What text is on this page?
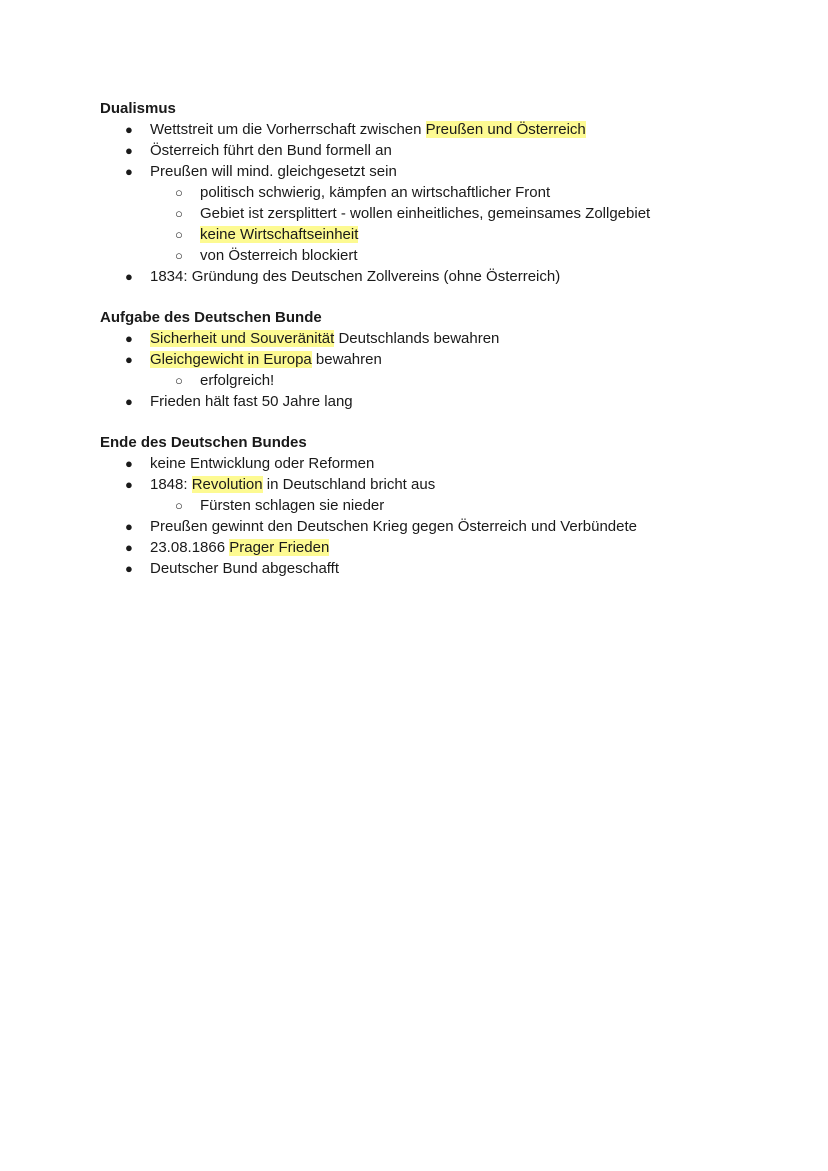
Dualismus
● Wettstreit um die Vorherrschaft zwischen Preußen und Österreich
● Österreich führt den Bund formell an
● Preußen will mind. gleichgesetzt sein
○ politisch schwierig, kämpfen an wirtschaftlicher Front
○ Gebiet ist zersplittert - wollen einheitliches, gemeinsames Zollgebiet
○ keine Wirtschaftseinheit
○ von Österreich blockiert
● 1834: Gründung des Deutschen Zollvereins (ohne Österreich)
Aufgabe des Deutschen Bunde
● Sicherheit und Souveränität Deutschlands bewahren
● Gleichgewicht in Europa bewahren
○ erfolgreich!
● Frieden hält fast 50 Jahre lang
Ende des Deutschen Bundes
● keine Entwicklung oder Reformen
● 1848: Revolution in Deutschland bricht aus
○ Fürsten schlagen sie nieder
● Preußen gewinnt den Deutschen Krieg gegen Österreich und Verbündete
● 23.08.1866 Prager Frieden
● Deutscher Bund abgeschafft
